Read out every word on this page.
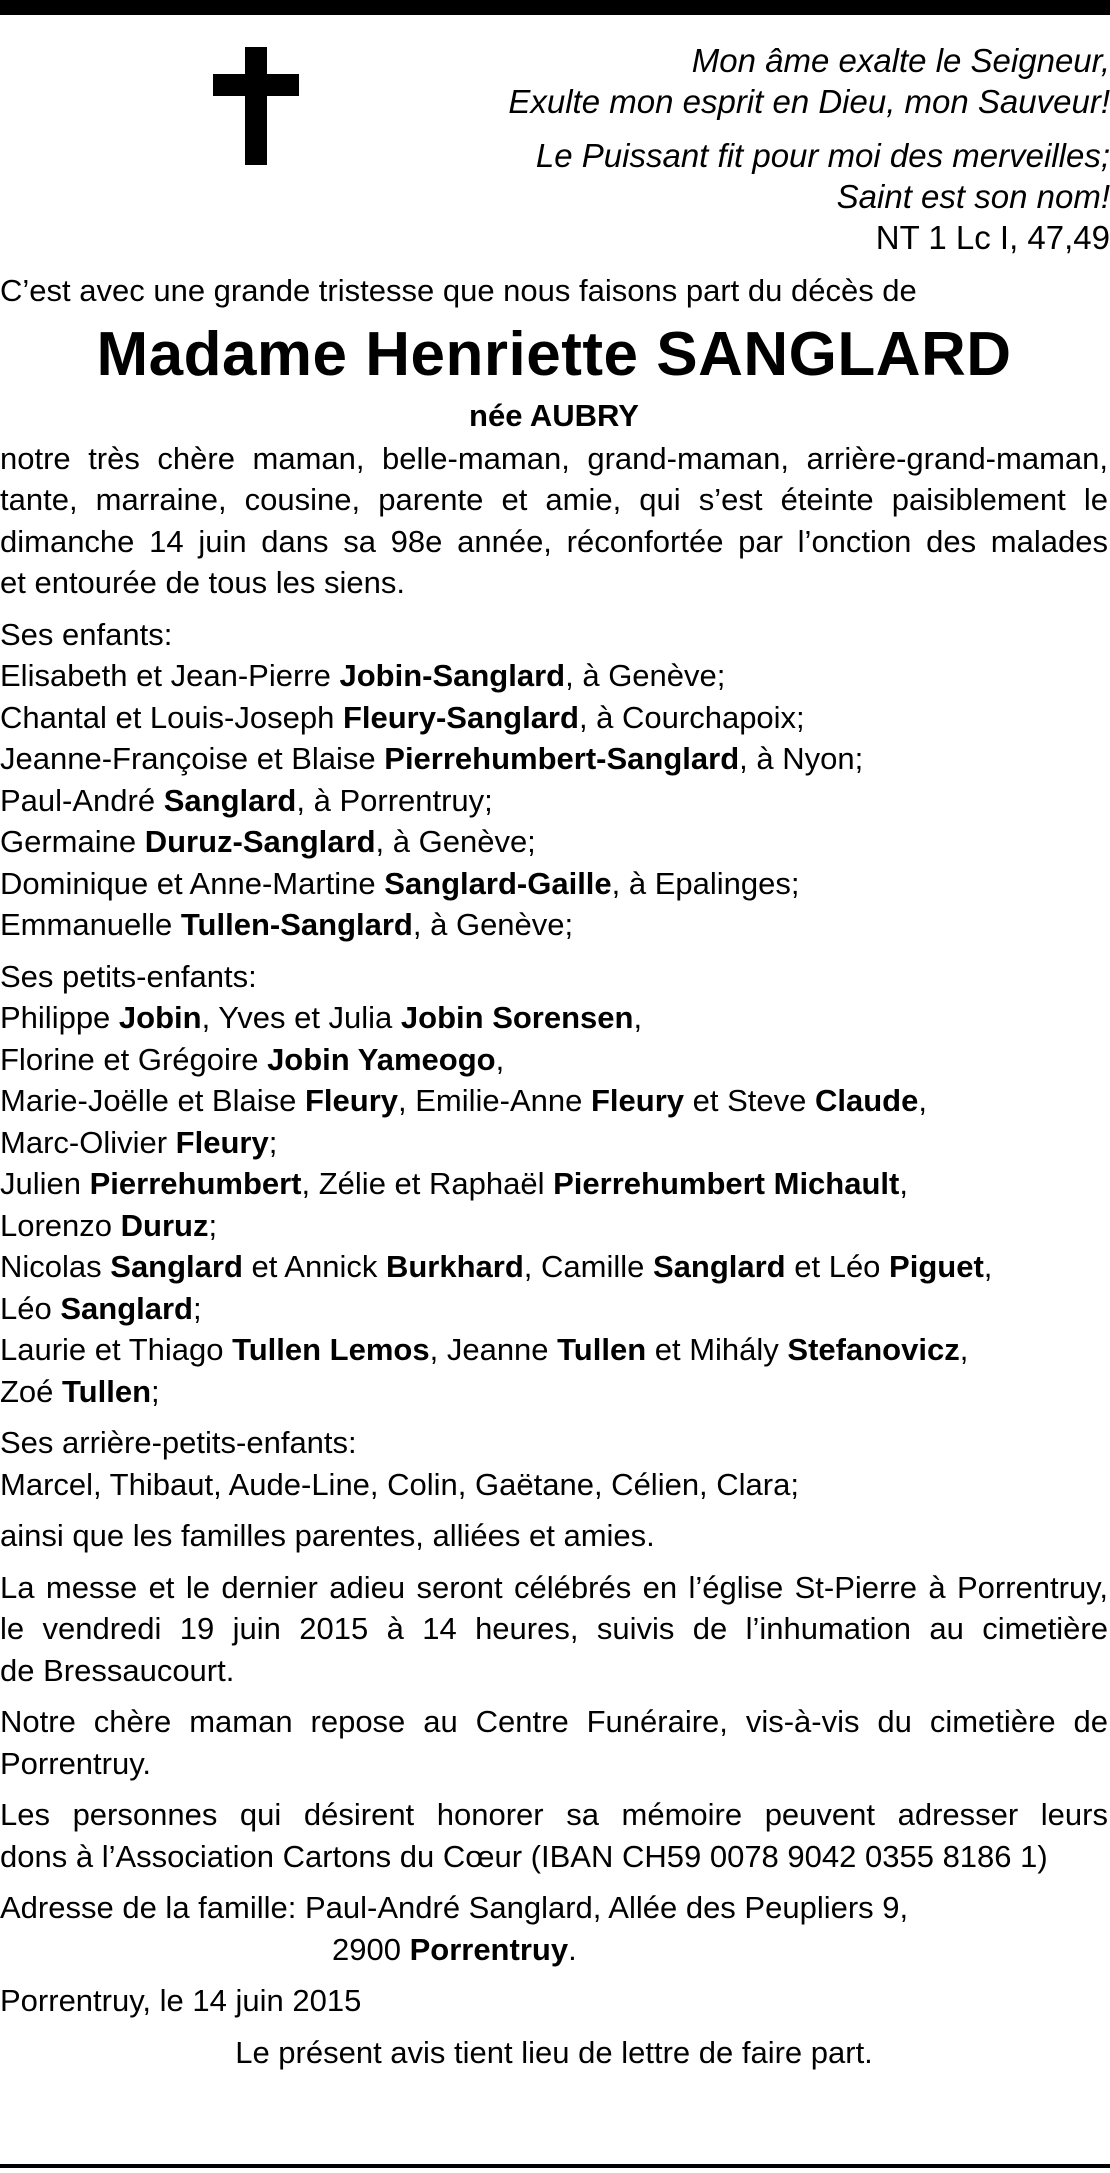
Mon âme exalte le Seigneur,
Exulte mon esprit en Dieu, mon Sauveur!
Le Puissant fit pour moi des merveilles;
Saint est son nom!
NT 1 Lc I, 47,49

C’est avec une grande tristesse que nous faisons part du décès de

Madame Henriette SANGLARD
née AUBRY

notre très chère maman, belle-maman, grand-maman, arrière-grand-maman,

tante, marraine, cousine, parente et amie, qui s’est éteinte paisiblement le

dimanche 14 juin dans sa 98e année, réconfortée par l’onction des malades

et entourée de tous les siens.

Ses enfants:

Elisabeth et Jean-Pierre Jobin-Sanglard, à Genève;

Chantal et Louis-Joseph Fleury-Sanglard, à Courchapoix;

Jeanne-Françoise et Blaise Pierrehumbert-Sanglard, à Nyon;

Paul-André Sanglard, à Porrentruy;

Germaine Duruz-Sanglard, à Genève;

Dominique et Anne-Martine Sanglard-Gaille, à Epalinges;

Emmanuelle Tullen-Sanglard, à Genève;

Ses petits-enfants:

Philippe Jobin, Yves et Julia Jobin Sorensen,

Florine et Grégoire Jobin Yameogo,

Marie-Joëlle et Blaise Fleury, Emilie-Anne Fleury et Steve Claude,

Marc-Olivier Fleury;

Julien Pierrehumbert, Zélie et Raphaël Pierrehumbert Michault,

Lorenzo Duruz;

Nicolas Sanglard et Annick Burkhard, Camille Sanglard et Léo Piguet,

Léo Sanglard;

Laurie et Thiago Tullen Lemos, Jeanne Tullen et Mihály Stefanovicz,

Zoé Tullen;

Ses arrière-petits-enfants:

Marcel, Thibaut, Aude-Line, Colin, Gaëtane, Célien, Clara;

ainsi que les familles parentes, alliées et amies.

La messe et le dernier adieu seront célébrés en l’église St-Pierre à Porrentruy,

le vendredi 19 juin 2015 à 14 heures, suivis de l’inhumation au cimetière

de Bressaucourt.

Notre chère maman repose au Centre Funéraire, vis-à-vis du cimetière de

Porrentruy.

Les personnes qui désirent honorer sa mémoire peuvent adresser leurs

dons à l’Association Cartons du Cœur (IBAN CH59 0078 9042 0355 8186 1)

Adresse de la famille: Paul-André Sanglard, Allée des Peupliers 9,

2900 Porrentruy.

Porrentruy, le 14 juin 2015

Le présent avis tient lieu de lettre de faire part.
